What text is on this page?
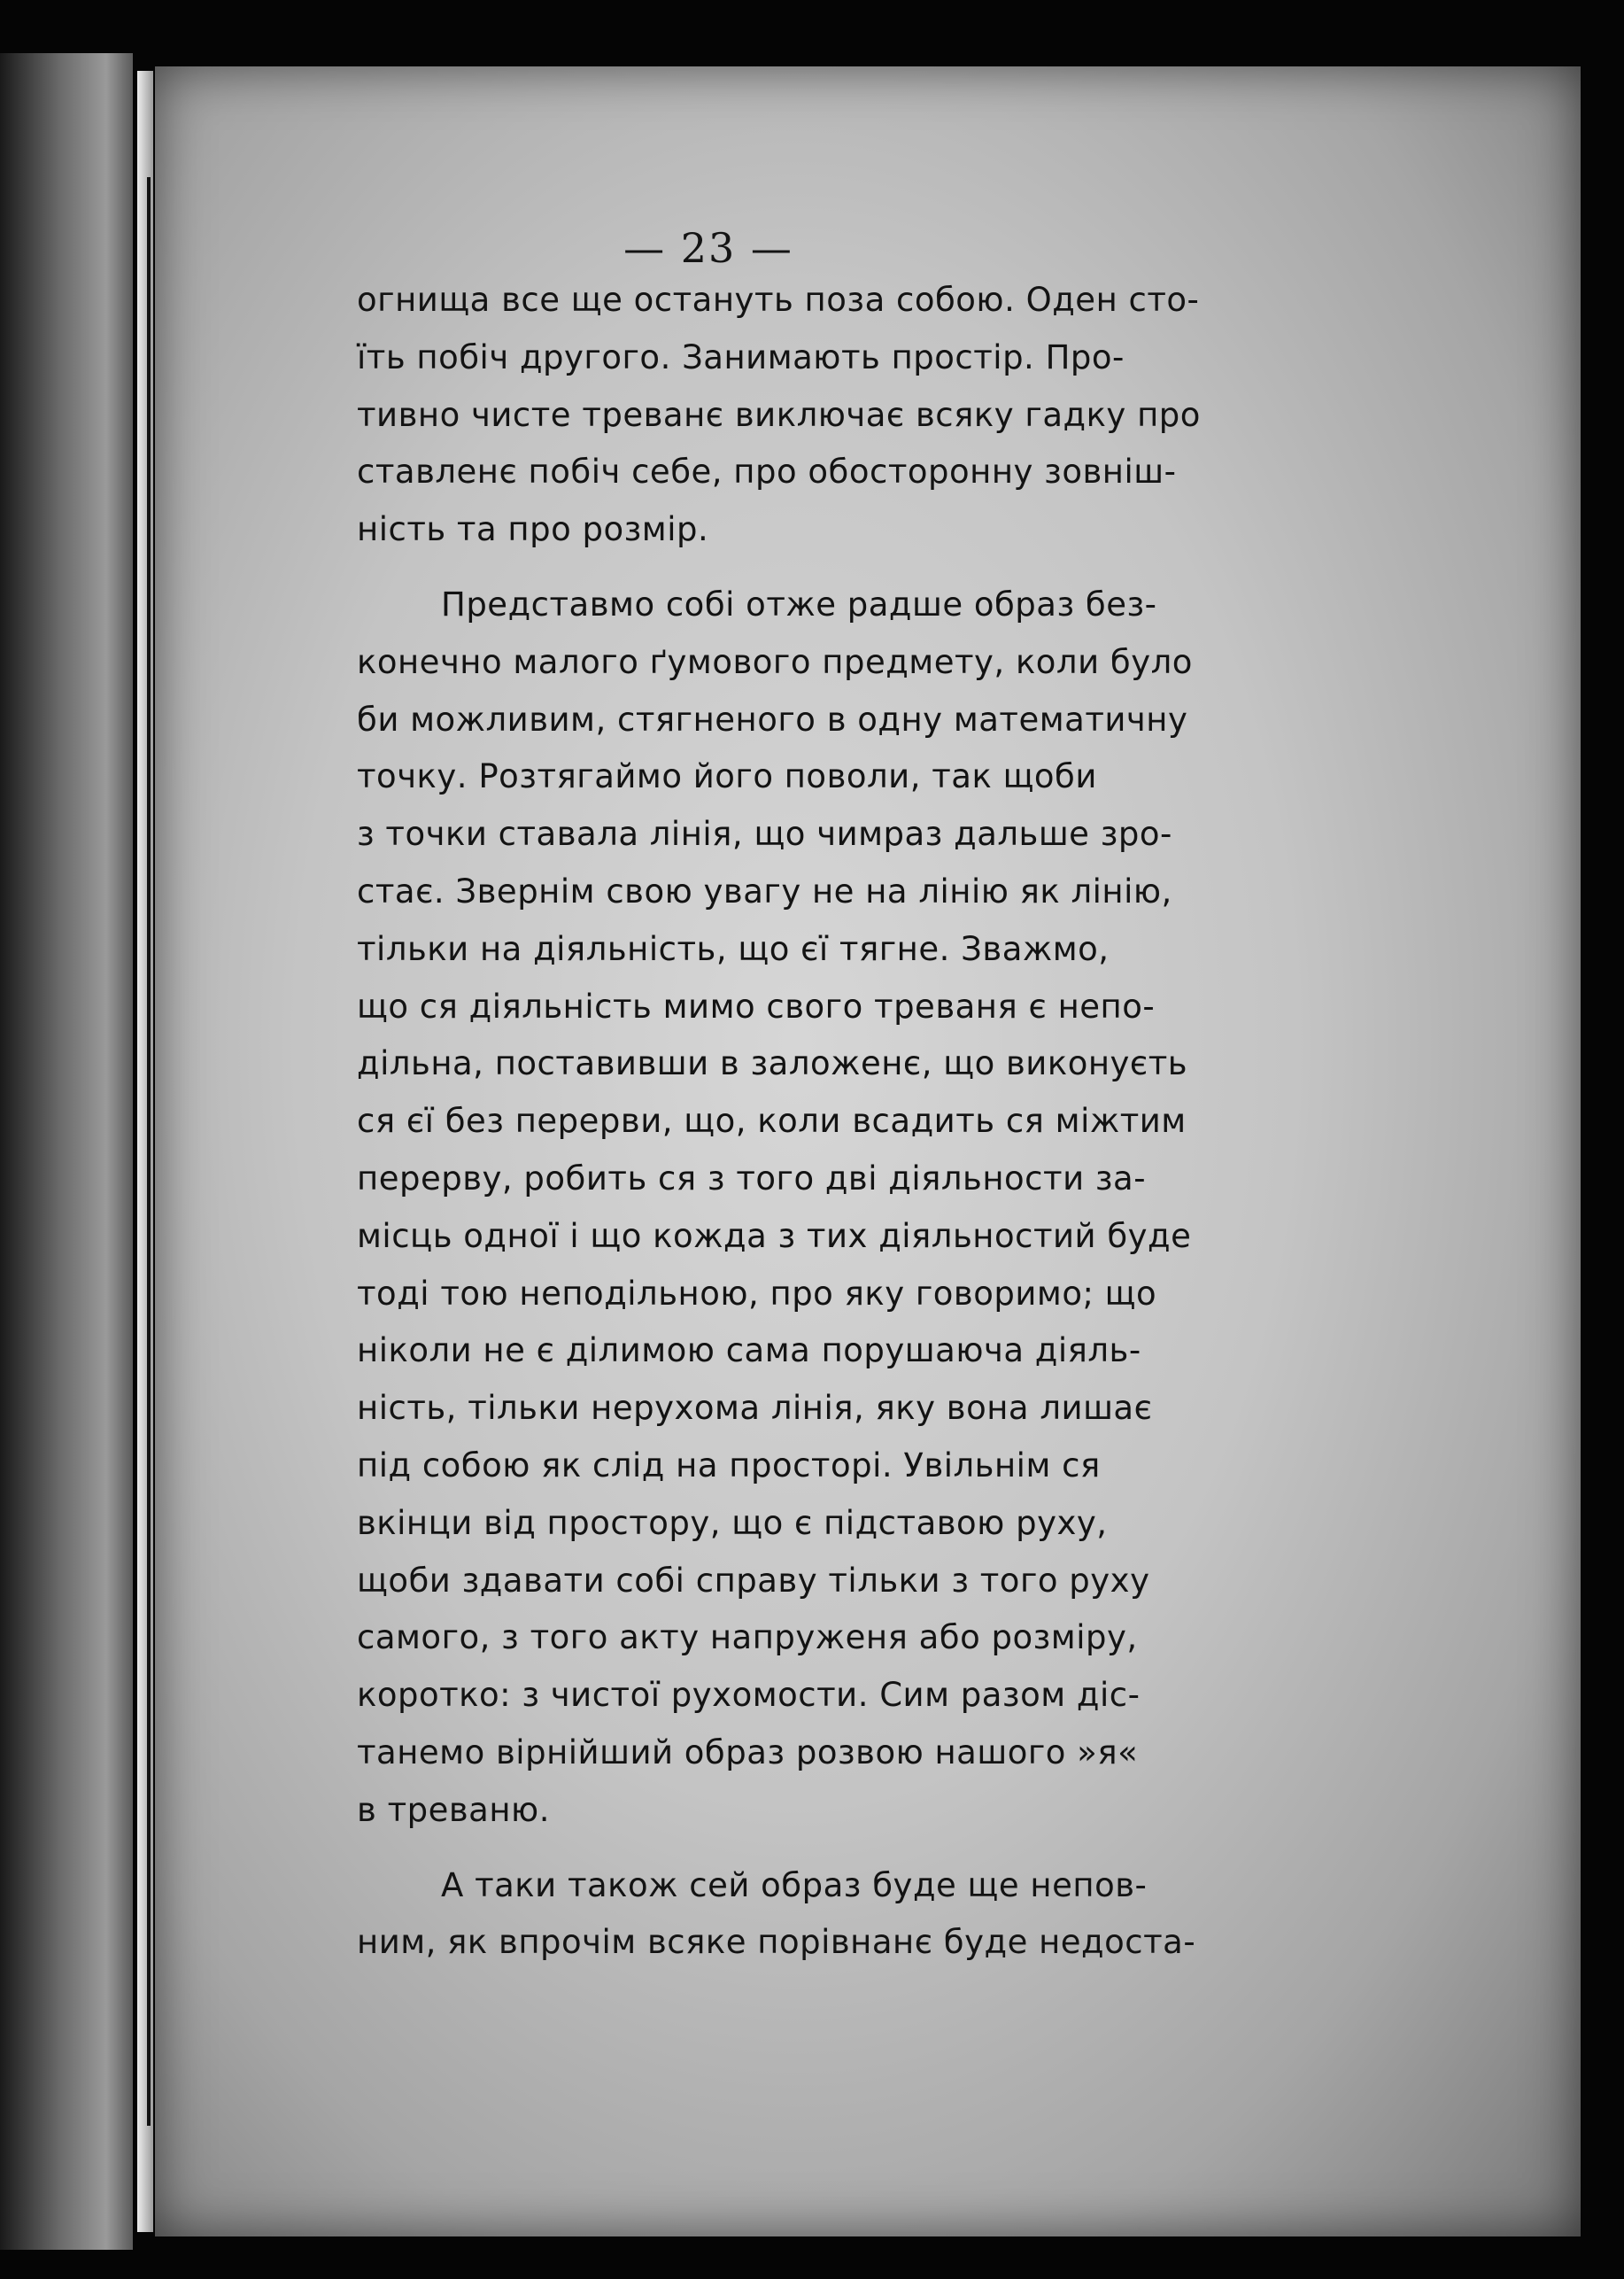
— 23 —
огнища все ще остануть поза собою. Оден сто-
їть побіч другого. Занимають простір. Про-
тивно чисте треванє виключає всяку гадку про
ставленє побіч себе, про обосторонну зовніш-
ність та про розмір.
Представмо собі отже радше образ без-
конечно малого ґумового предмету, коли було
би можливим, стягненого в одну математичну
точку. Розтягаймо його поволи, так щоби
з точки ставала лінія, що чимраз дальше зро-
стає. Звернім свою увагу не на лінію як лінію,
тільки на діяльність, що єї тягне. Зважмо,
що ся діяльність мимо свого треваня є непо-
дільна, поставивши в заложенє, що виконуєть
ся єї без перерви, що, коли всадить ся міжтим
перерву, робить ся з того дві діяльности за-
місць одної і що кожда з тих діяльностий буде
тоді тою неподільною, про яку говоримо; що
ніколи не є ділимою сама порушаюча діяль-
ність, тільки нерухома лінія, яку вона лишає
під собою як слід на просторі. Увільнім ся
вкінци від простору, що є підставою руху,
щоби здавати собі справу тільки з того руху
самого, з того акту напруженя або розміру,
коротко: з чистої рухомости. Сим разом діс-
танемо вірнійший образ розвою нашого »я«
в треваню.
А таки також сей образ буде ще непов-
ним, як впрочім всяке порівнанє буде недоста-
